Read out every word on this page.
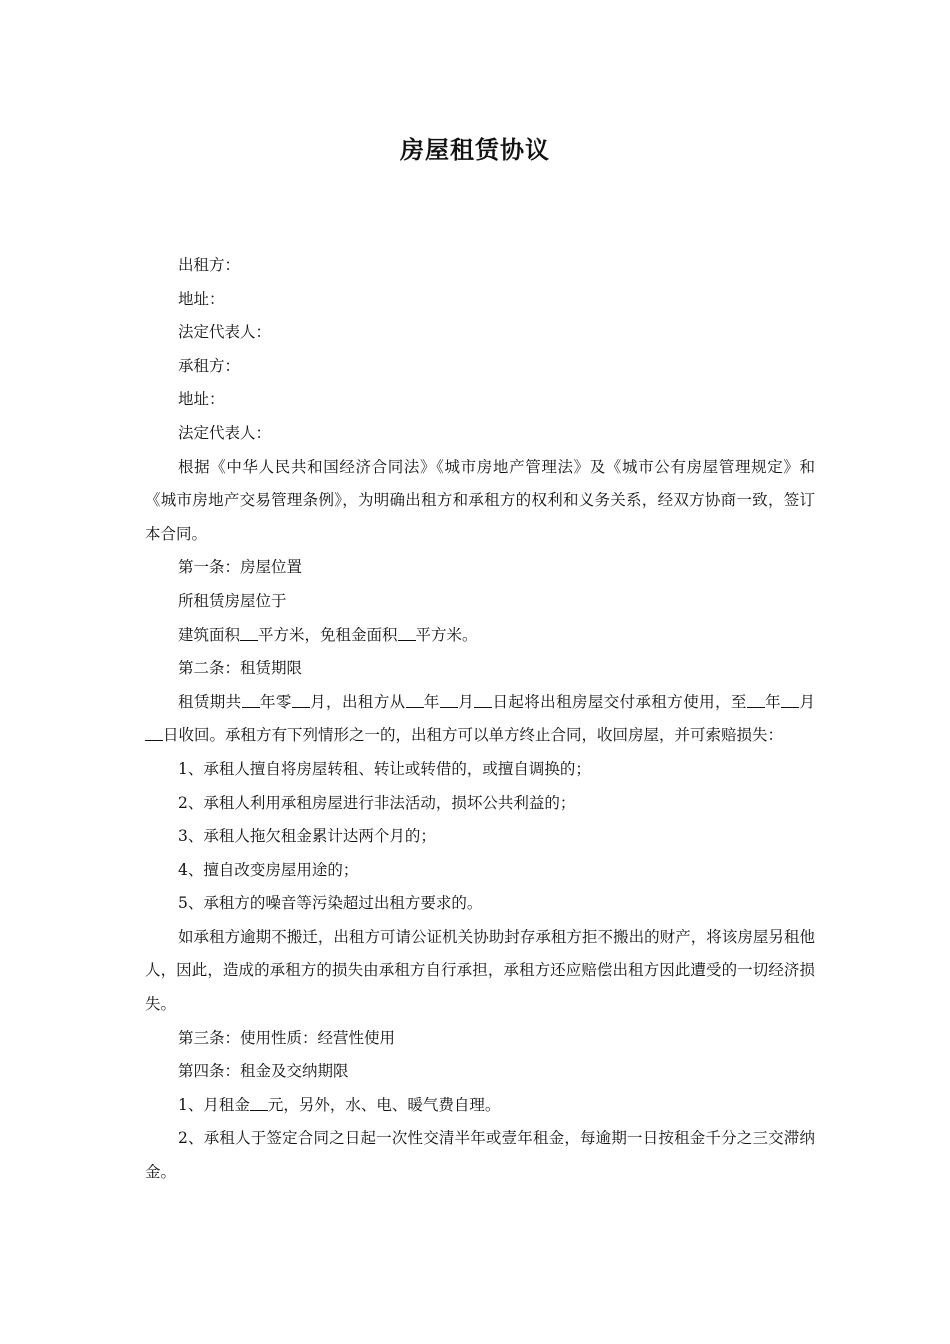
房屋租赁协议

出租方：

地址：

法定代表人：

承租方：

地址：

法定代表人：

根据《中华人民共和国经济合同法》《城市房地产管理法》及《城市公有房屋管理规定》和《城市房地产交易管理条例》，为明确出租方和承租方的权利和义务关系，经双方协商一致，签订本合同。

第一条：房屋位置

所租赁房屋位于

建筑面积 平方米，免租金面积 平方米。

第二条：租赁期限

租赁期共 年零 月，出租方从 年 月 日起将出租房屋交付承租方使用，至 年 月日收回。承租方有下列情形之一的，出租方可以单方终止合同，收回房屋，并可索赔损失：

1、承租人擅自将房屋转租、转让或转借的，或擅自调换的；

2、承租人利用承租房屋进行非法活动，损坏公共利益的；

3、承租人拖欠租金累计达两个月的；

4、擅自改变房屋用途的；

5、承租方的噪音等污染超过出租方要求的。

如承租方逾期不搬迁，出租方可请公证机关协助封存承租方拒不搬出的财产，将该房屋另租他人，因此，造成的承租方的损失由承租方自行承担，承租方还应赔偿出租方因此遭受的一切经济损失。

第三条：使用性质：经营性使用

第四条：租金及交纳期限

1、月租金 元，另外，水、电、暖气费自理。

2、承租人于签定合同之日起一次性交清半年或壹年租金，每逾期一日按租金千分之三交滞纳金。
